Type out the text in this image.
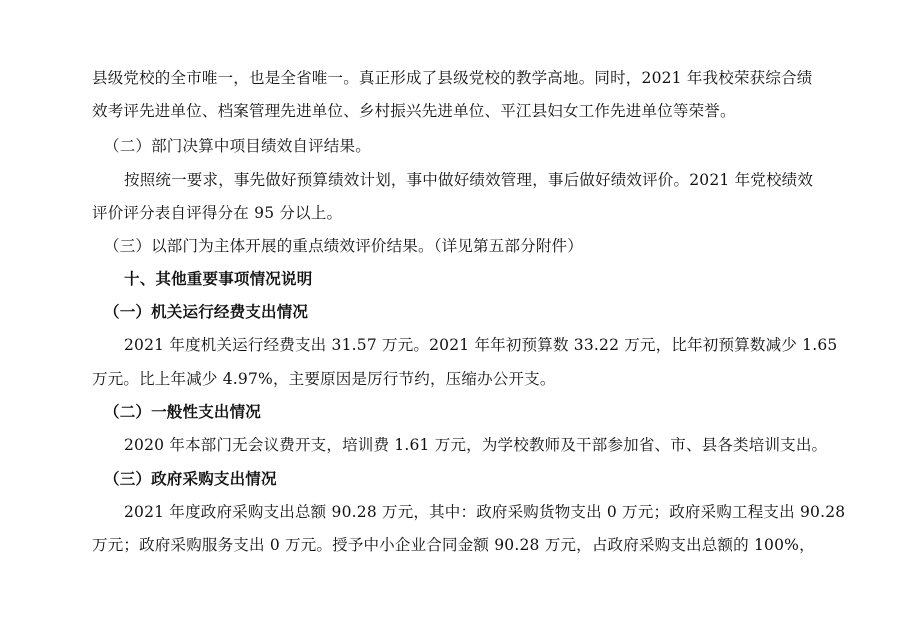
县级党校的全市唯一，也是全省唯一。真正形成了县级党校的教学高地。同时，2021 年我校荣获综合绩
效考评先进单位、档案管理先进单位、乡村振兴先进单位、平江县妇女工作先进单位等荣誉。
（二）部门决算中项目绩效自评结果。
按照统一要求，事先做好预算绩效计划，事中做好绩效管理，事后做好绩效评价。2021 年党校绩效
评价评分表自评得分在 95 分以上。
（三）以部门为主体开展的重点绩效评价结果。（详见第五部分附件）
十、其他重要事项情况说明
（一）机关运行经费支出情况
2021 年度机关运行经费支出 31.57 万元。2021 年年初预算数 33.22 万元，比年初预算数减少 1.65
万元。比上年减少 4.97%，主要原因是厉行节约，压缩办公开支。
（二）一般性支出情况
2020 年本部门无会议费开支，培训费 1.61 万元，为学校教师及干部参加省、市、县各类培训支出。
（三）政府采购支出情况
2021 年度政府采购支出总额 90.28 万元，其中：政府采购货物支出 0 万元；政府采购工程支出 90.28
万元；政府采购服务支出 0 万元。授予中小企业合同金额 90.28 万元，占政府采购支出总额的 100%，
